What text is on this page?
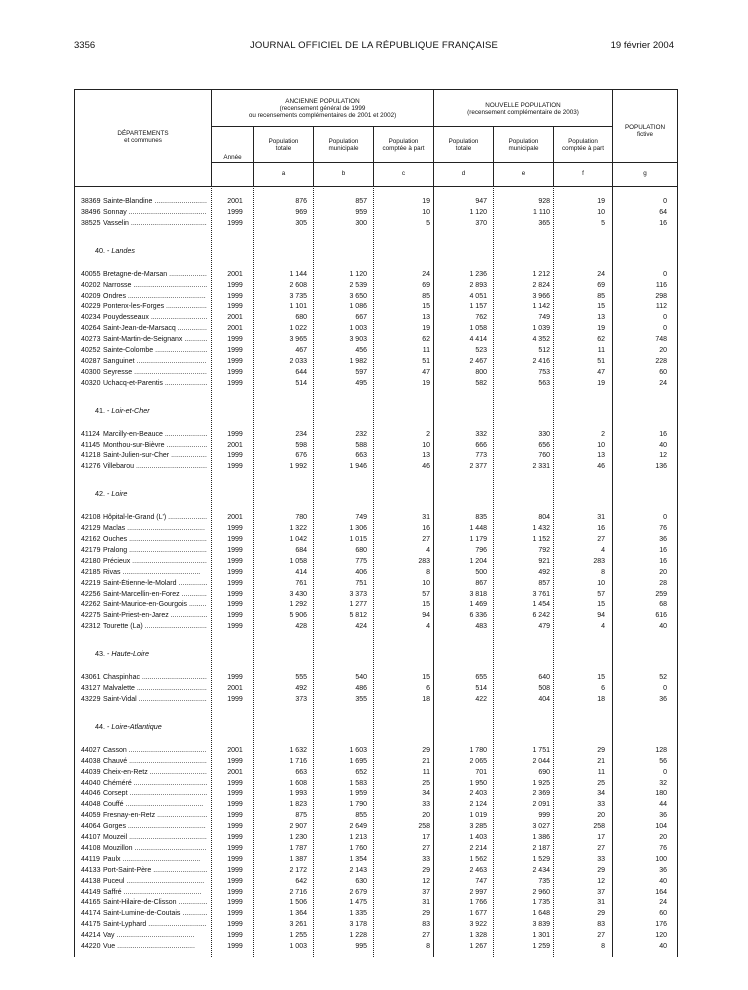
3356	JOURNAL OFFICIEL DE LA RÉPUBLIQUE FRANÇAISE	19 février 2004
DÉPARTEMENTS
et communes
Année
ANCIENNE POPULATION
(recensement général de 1999
ou recensements complémentaires de 2001 et 2002)
NOUVELLE POPULATION
(recensement complémentaire de 2003)
POPULATION
fictive
Population
totale
Population
municipale
Population
comptée à part
Population
totale
Population
municipale
Population
comptée à part
a	b	c	d	e	f	g
38369 Sainte-Blandine .....	2001	876	857	19	947	928	19	0
38496 Sonnay .....	1999	969	959	10	1 120	1 110	10	64
38525 Vasselin .....	1999	305	300	5	370	365	5	16
40. - Landes
40055 Bretagne-de-Marsan .....	2001	1 144	1 120	24	1 236	1 212	24	0
40202 Narrosse .....	1999	2 608	2 539	69	2 893	2 824	69	116
40209 Ondres .....	1999	3 735	3 650	85	4 051	3 966	85	298
40229 Pontenx-les-Forges .....	1999	1 101	1 086	15	1 157	1 142	15	112
40234 Pouydesseaux .....	2001	680	667	13	762	749	13	0
40264 Saint-Jean-de-Marsacq .....	2001	1 022	1 003	19	1 058	1 039	19	0
40273 Saint-Martin-de-Seignanx .....	1999	3 965	3 903	62	4 414	4 352	62	748
40252 Sainte-Colombe .....	1999	467	456	11	523	512	11	20
40287 Sanguinet .....	1999	2 033	1 982	51	2 467	2 416	51	228
40300 Seyresse .....	1999	644	597	47	800	753	47	60
40320 Uchacq-et-Parentis .....	1999	514	495	19	582	563	19	24
41. - Loir-et-Cher
41124 Marcilly-en-Beauce .....	1999	234	232	2	332	330	2	16
41145 Monthou-sur-Bièvre .....	2001	598	588	10	666	656	10	40
41218 Saint-Julien-sur-Cher .....	1999	676	663	13	773	760	13	12
41276 Villebarou .....	1999	1 992	1 946	46	2 377	2 331	46	136
42. - Loire
42108 Hôpital-le-Grand (L') .....	2001	780	749	31	835	804	31	0
42129 Maclas .....	1999	1 322	1 306	16	1 448	1 432	16	76
42162 Ouches .....	1999	1 042	1 015	27	1 179	1 152	27	36
42179 Pralong .....	1999	684	680	4	796	792	4	16
42180 Précieux .....	1999	1 058	775	283	1 204	921	283	16
42185 Rivas .....	1999	414	406	8	500	492	8	20
42219 Saint-Étienne-le-Molard .....	1999	761	751	10	867	857	10	28
42256 Saint-Marcellin-en-Forez .....	1999	3 430	3 373	57	3 818	3 761	57	259
42262 Saint-Maurice-en-Gourgois .....	1999	1 292	1 277	15	1 469	1 454	15	68
42275 Saint-Priest-en-Jarez .....	1999	5 906	5 812	94	6 336	6 242	94	616
42312 Tourette (La) .....	1999	428	424	4	483	479	4	40
43. - Haute-Loire
43061 Chaspinhac .....	1999	555	540	15	655	640	15	52
43127 Malvalette .....	2001	492	486	6	514	508	6	0
43229 Saint-Vidal .....	1999	373	355	18	422	404	18	36
44. - Loire-Atlantique
44027 Casson .....	2001	1 632	1 603	29	1 780	1 751	29	128
44038 Chauvé .....	1999	1 716	1 695	21	2 065	2 044	21	56
44039 Cheix-en-Retz .....	2001	663	652	11	701	690	11	0
44040 Chéméré .....	1999	1 608	1 583	25	1 950	1 925	25	32
44046 Corsept .....	1999	1 993	1 959	34	2 403	2 369	34	180
44048 Couffé .....	1999	1 823	1 790	33	2 124	2 091	33	44
44059 Fresnay-en-Retz .....	1999	875	855	20	1 019	999	20	36
44064 Gorges .....	1999	2 907	2 649	258	3 285	3 027	258	104
44107 Mouzeil .....	1999	1 230	1 213	17	1 403	1 386	17	20
44108 Mouzillon .....	1999	1 787	1 760	27	2 214	2 187	27	76
44119 Paulx .....	1999	1 387	1 354	33	1 562	1 529	33	100
44133 Port-Saint-Père .....	1999	2 172	2 143	29	2 463	2 434	29	36
44138 Puceul .....	1999	642	630	12	747	735	12	40
44149 Saffré .....	1999	2 716	2 679	37	2 997	2 960	37	164
44165 Saint-Hilaire-de-Clisson .....	1999	1 506	1 475	31	1 766	1 735	31	24
44174 Saint-Lumine-de-Coutais .....	1999	1 364	1 335	29	1 677	1 648	29	60
44175 Saint-Lyphard .....	1999	3 261	3 178	83	3 922	3 839	83	176
44214 Vay .....	1999	1 255	1 228	27	1 328	1 301	27	120
44220 Vue .....	1999	1 003	995	8	1 267	1 259	8	40
